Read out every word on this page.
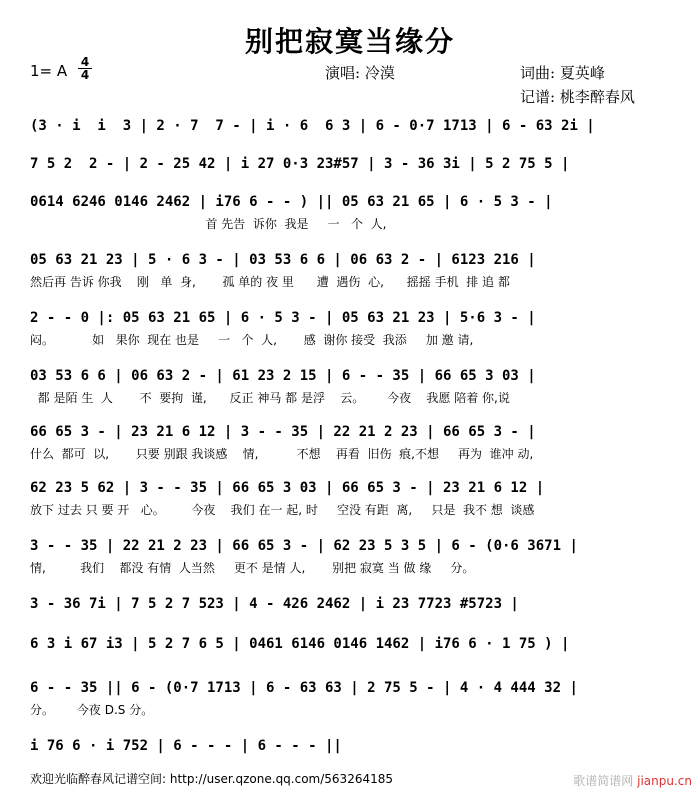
别把寂寞当缘分
1= A $\frac{4}{4}$	演唱: 冷漠	词曲: 夏英峰
记谱: 桃李醉春风
(3 · i  i  3 | 2 · 7  7 - | i · 6  6 3 | 6 - 0·7 1713 | 6 - 63 2i |
7 5 2  2 - | 2 - 25 42 | i 27 0·3 23#57 | 3 - 36 3i | 5 2 75 5 |
0614 6246 0146 2462 | i76 6 - - ) || 05 63 21 65 | 6 · 5 3 - |
首 先告  诉你  我是     一   个  人,
05 63 21 23 | 5 · 6 3 - | 03 53 6 6 | 06 63 2 - | 6123 216 |
然后再 告诉 你我    刚   单  身,       孤 单的 夜 里      遭  遇伤  心,      摇摇 手机  排 追 都
2 - - 0 |: 05 63 21 65 | 6 · 5 3 - | 05 63 21 23 | 5·6 3 - |
闷。          如   果你  现在 也是     一   个  人,       感  谢你 接受  我添     加 邀 请,
03 53 6 6 | 06 63 2 - | 61 23 2 15 | 6 - - 35 | 66 65 3 03 |
都 是陌 生  人       不  要拘  谨,      反正 神马 都 是浮    云。      今夜    我愿 陪着 你,说
66 65 3 - | 23 21 6 12 | 3 - - 35 | 22 21 2 23 | 66 65 3 - |
什么  都可  以,       只要 别跟 我谈感    情,          不想    再看  旧伤  痕,不想     再为  谁冲 动,
62 23 5 62 | 3 - - 35 | 66 65 3 03 | 66 65 3 - | 23 21 6 12 |
放下 过去 只 要 开   心。       今夜    我们 在一 起, 时     空没 有距  离,     只是  我不 想  谈感
3 - - 35 | 22 21 2 23 | 66 65 3 - | 62 23 5 3 5 | 6 - (0·6 3671 |
情,         我们    都没 有情  人当然     更不 是情 人,       别把 寂寞 当 做 缘     分。
3 - 36 7i | 7 5 2 7 523 | 4 - 426 2462 | i 23 7723 #5723 |
6 3 i 67 i3 | 5 2 7 6 5 | 0461 6146 0146 1462 | i76 6 · 1 75 ) |
6 - - 35 || 6 - (0·7 1713 | 6 - 63 63 | 2 75 5 - | 4 · 4 444 32 |
分。      今夜 D.S 分。
i 76 6 · i 752 | 6 - - - | 6 - - - ||
欢迎光临醉春风记谱空间: http://user.qzone.qq.com/563264185	歌谱简谱网 jianpu.cn
